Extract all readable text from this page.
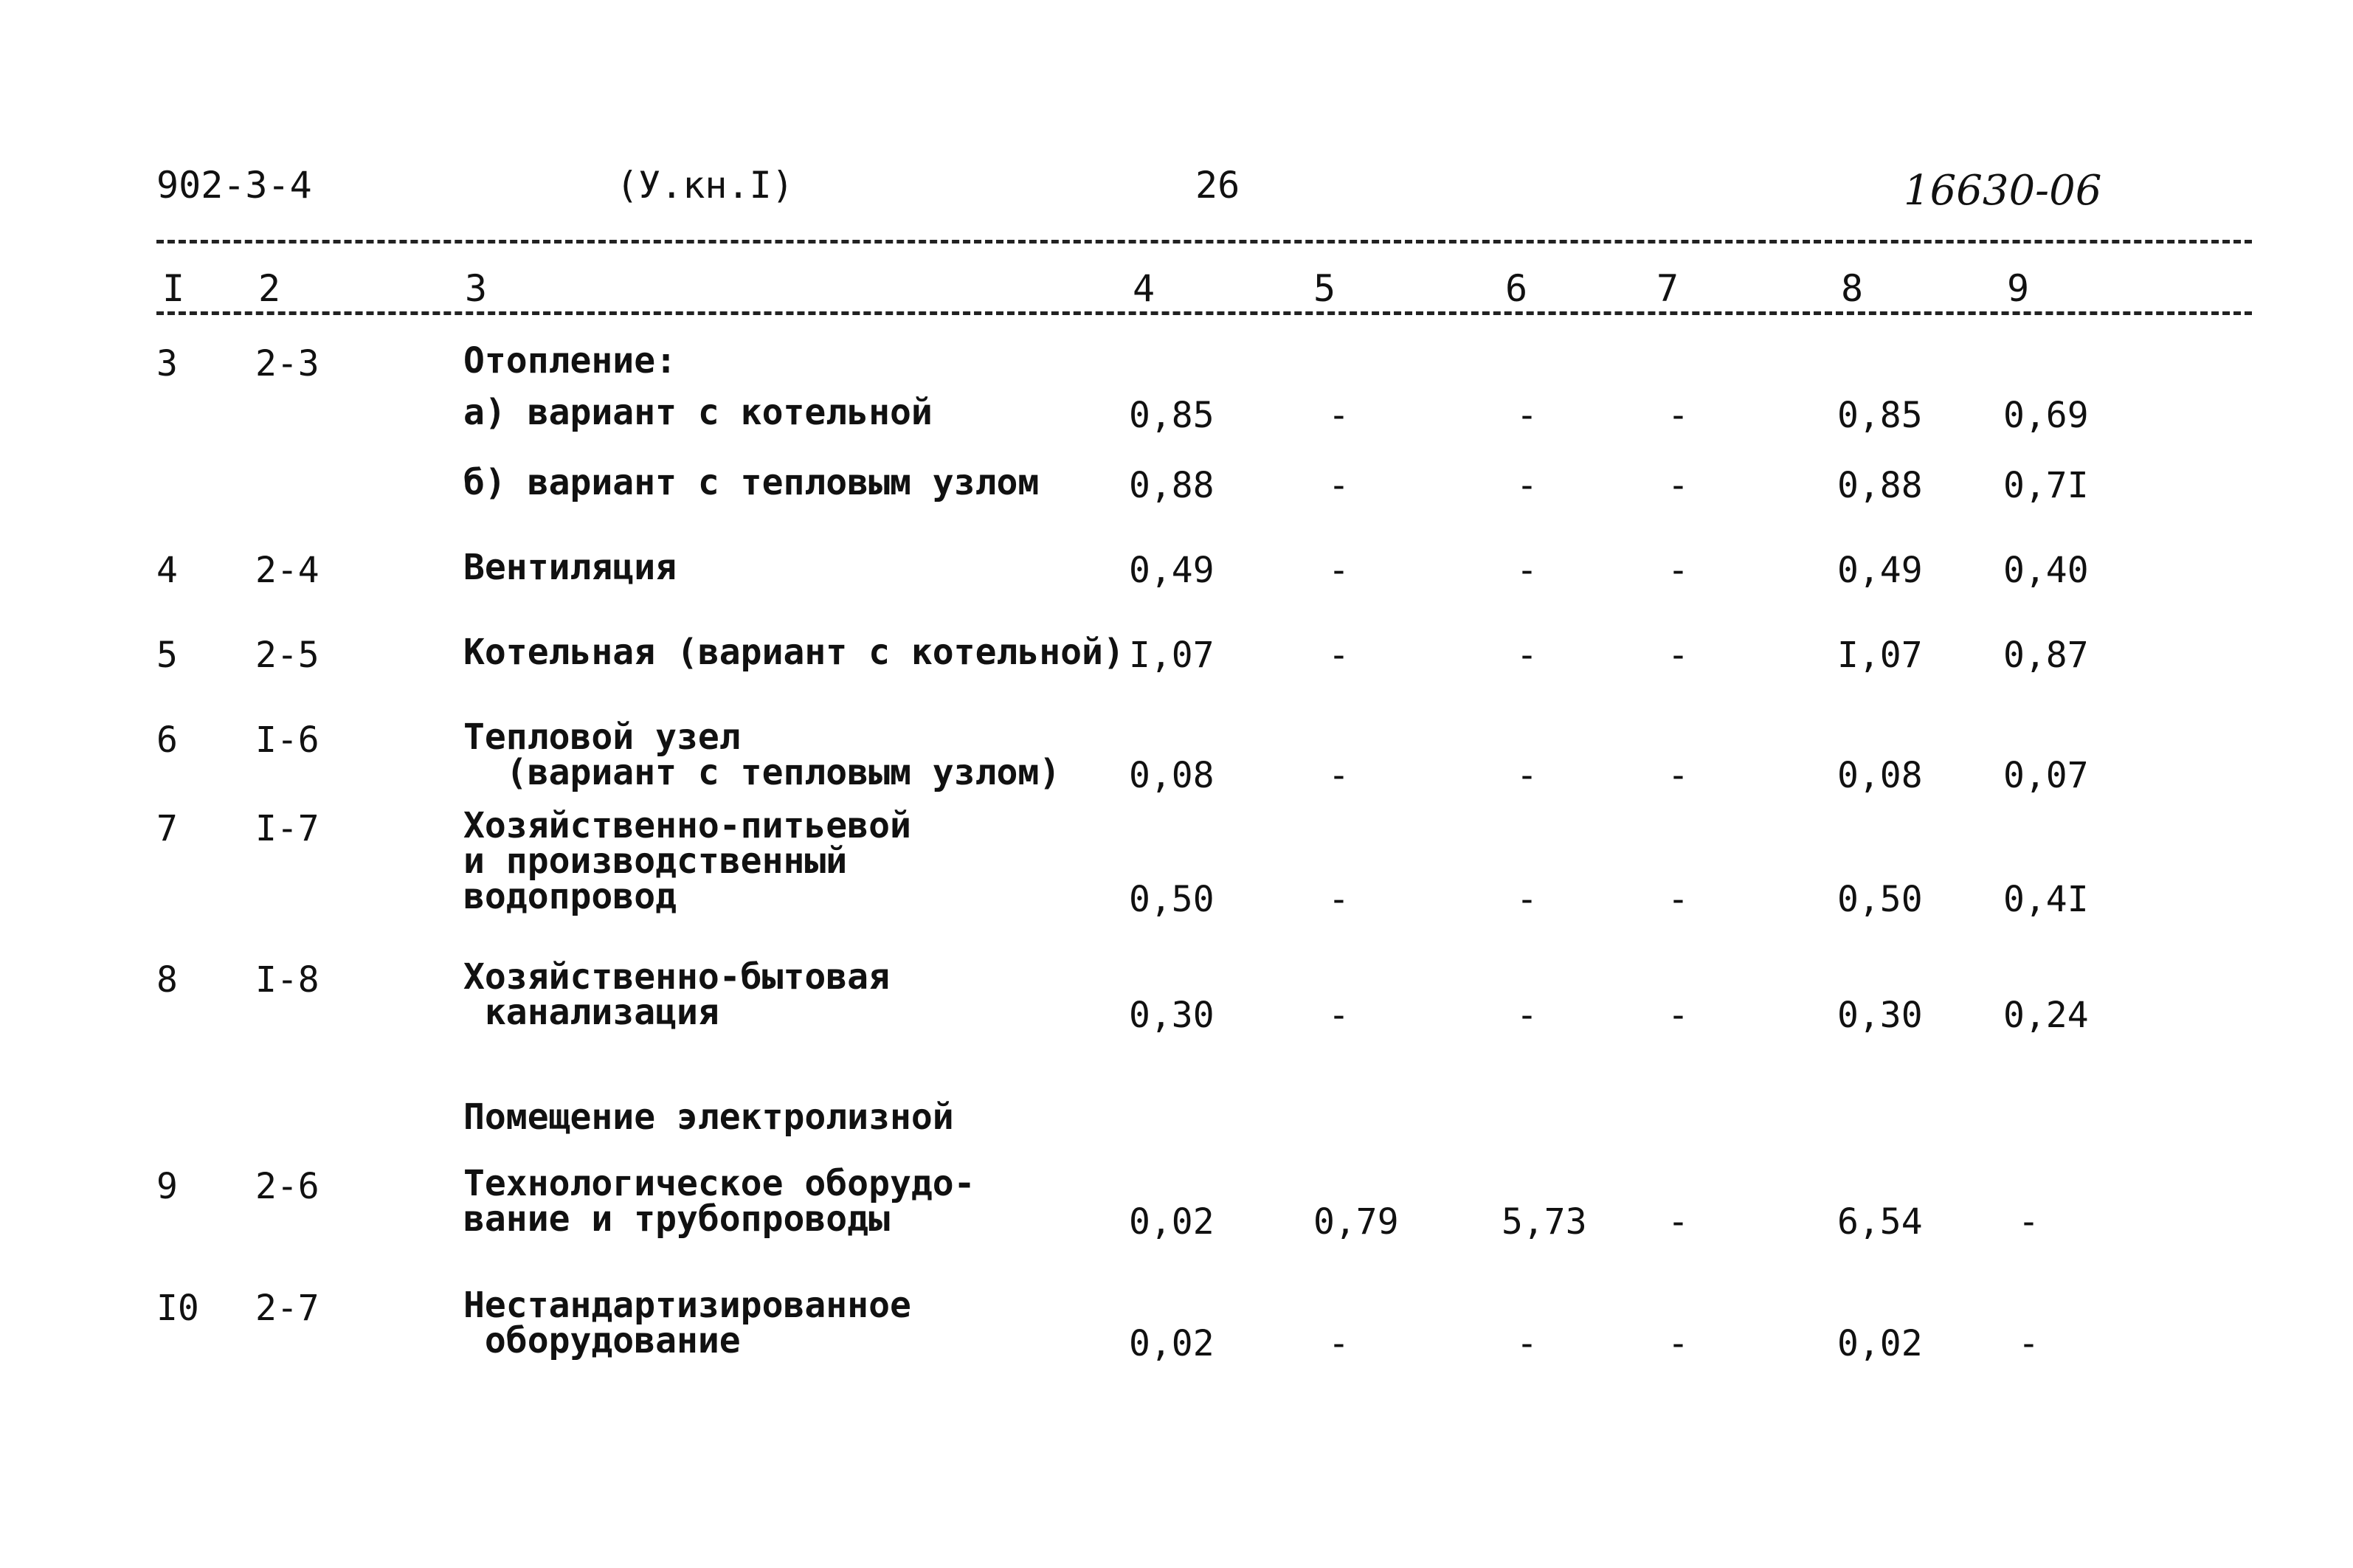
902-3-4	(У.кн.I)	26	16630-06
I 2	3	4	5	6	7	8	9
3 2-3	Отопление:
а) вариант с котельной	0,85	-	-	-	0,85 0,69
б) вариант с тепловым узлом	0,88	-	-	-	0,88 0,7I
4 2-4	Вентиляция	0,49	-	-	-	0,49 0,40
5 2-5	Котельная (вариант с котельной) I,07	-	-	-	I,07 0,87
6 I-6	Тепловой узел
(вариант с тепловым узлом) 0,08	-	-	-	0,08 0,07
7 I-7	Хозяйственно-питьевой
и производственный
водопровод	0,50	-	-	-	0,50 0,4I
8 I-8	Хозяйственно-бытовая
канализация	0,30	-	-	-	0,30 0,24
Помещение электролизной
9 2-6	Технологическое оборудо-
вание и трубопроводы	0,02	0,79	5,73 -	6,54	-
I0 2-7	Нестандартизированное
оборудование	0,02	-	-	-	0,02	-
